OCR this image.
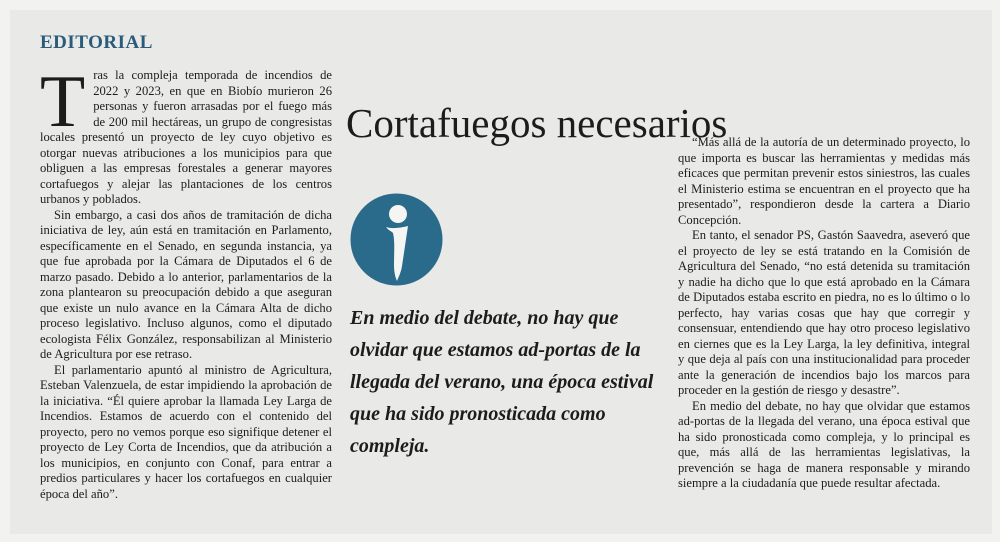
EDITORIAL

Tras la compleja temporada de incendios de 2022 y 2023, en que en Biobío murieron 26 personas y fueron arrasadas por el fuego más de 200 mil hectáreas, un grupo de congresistas locales presentó un proyecto de ley cuyo objetivo es otorgar nuevas atribuciones a los municipios para que obliguen a las empresas forestales a generar mayores cortafuegos y alejar las plantaciones de los centros urbanos y poblados.

Sin embargo, a casi dos años de tramitación de dicha iniciativa de ley, aún está en tramitación en Parlamento, específicamente en el Senado, en segunda instancia, ya que fue aprobada por la Cámara de Diputados el 6 de marzo pasado. Debido a lo anterior, parlamentarios de la zona plantearon su preocupación debido a que aseguran que existe un nulo avance en la Cámara Alta de dicho proceso legislativo. Incluso algunos, como el diputado ecologista Félix González, responsabilizan al Ministerio de Agricultura por ese retraso.

El parlamentario apuntó al ministro de Agricultura, Esteban Valenzuela, de estar impidiendo la aprobación de la iniciativa. “Él quiere aprobar la llamada Ley Larga de Incendios. Estamos de acuerdo con el contenido del proyecto, pero no vemos porque eso signifique detener el proyecto de Ley Corta de Incendios, que da atribución a los municipios, en conjunto con Conaf, para entrar a predios particulares y hacer los cortafuegos en cualquier época del año”.

Cortafuegos necesarios
En medio del debate, no hay que olvidar que estamos ad-portas de la llegada del verano, una época estival que ha sido pronosticada como compleja.

“Más allá de la autoría de un determinado proyecto, lo que importa es buscar las herramientas y medidas más eficaces que permitan prevenir estos siniestros, las cuales el Ministerio estima se encuentran en el proyecto que ha presentado”, respondieron desde la cartera a Diario Concepción.

En tanto, el senador PS, Gastón Saavedra, aseveró que el proyecto de ley se está tratando en la Comisión de Agricultura del Senado, “no está detenida su tramitación y nadie ha dicho que lo que está aprobado en la Cámara de Diputados estaba escrito en piedra, no es lo último o lo perfecto, hay varias cosas que hay que corregir y consensuar, entendiendo que hay otro proceso legislativo en ciernes que es la Ley Larga, la ley definitiva, integral y que deja al país con una institucionalidad para proceder ante la generación de incendios bajo los marcos para proceder en la gestión de riesgo y desastre”.

En medio del debate, no hay que olvidar que estamos ad-portas de la llegada del verano, una época estival que ha sido pronosticada como compleja, y lo principal es que, más allá de las herramientas legislativas, la prevención se haga de manera responsable y mirando siempre a la ciudadanía que puede resultar afectada.
